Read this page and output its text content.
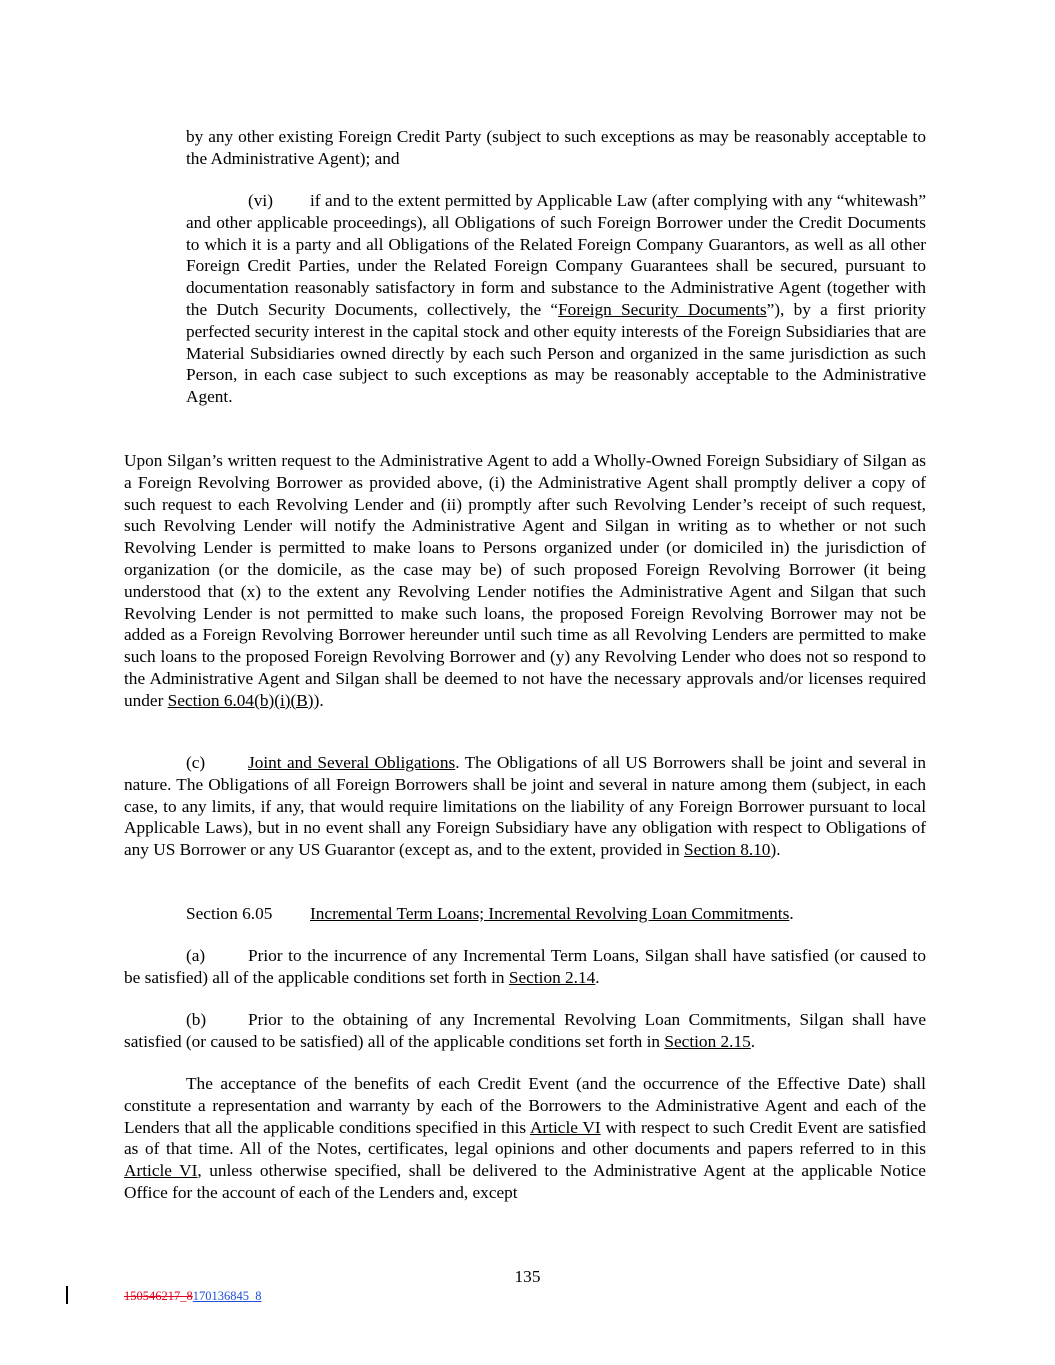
by any other existing Foreign Credit Party (subject to such exceptions as may be reasonably acceptable to the Administrative Agent); and

(vi) if and to the extent permitted by Applicable Law (after complying with any “whitewash” and other applicable proceedings), all Obligations of such Foreign Borrower under the Credit Documents to which it is a party and all Obligations of the Related Foreign Company Guarantors, as well as all other Foreign Credit Parties, under the Related Foreign Company Guarantees shall be secured, pursuant to documentation reasonably satisfactory in form and substance to the Administrative Agent (together with the Dutch Security Documents, collectively, the “Foreign Security Documents”), by a first priority perfected security interest in the capital stock and other equity interests of the Foreign Subsidiaries that are Material Subsidiaries owned directly by each such Person and organized in the same jurisdiction as such Person, in each case subject to such exceptions as may be reasonably acceptable to the Administrative Agent.

Upon Silgan’s written request to the Administrative Agent to add a Wholly-Owned Foreign Subsidiary of Silgan as a Foreign Revolving Borrower as provided above, (i) the Administrative Agent shall promptly deliver a copy of such request to each Revolving Lender and (ii) promptly after such Revolving Lender’s receipt of such request, such Revolving Lender will notify the Administrative Agent and Silgan in writing as to whether or not such Revolving Lender is permitted to make loans to Persons organized under (or domiciled in) the jurisdiction of organization (or the domicile, as the case may be) of such proposed Foreign Revolving Borrower (it being understood that (x) to the extent any Revolving Lender notifies the Administrative Agent and Silgan that such Revolving Lender is not permitted to make such loans, the proposed Foreign Revolving Borrower may not be added as a Foreign Revolving Borrower hereunder until such time as all Revolving Lenders are permitted to make such loans to the proposed Foreign Revolving Borrower and (y) any Revolving Lender who does not so respond to the Administrative Agent and Silgan shall be deemed to not have the necessary approvals and/or licenses required under Section 6.04(b)(i)(B)).

(c) Joint and Several Obligations. The Obligations of all US Borrowers shall be joint and several in nature. The Obligations of all Foreign Borrowers shall be joint and several in nature among them (subject, in each case, to any limits, if any, that would require limitations on the liability of any Foreign Borrower pursuant to local Applicable Laws), but in no event shall any Foreign Subsidiary have any obligation with respect to Obligations of any US Borrower or any US Guarantor (except as, and to the extent, provided in Section 8.10).

Section 6.05 Incremental Term Loans; Incremental Revolving Loan Commitments.

(a) Prior to the incurrence of any Incremental Term Loans, Silgan shall have satisfied (or caused to be satisfied) all of the applicable conditions set forth in Section 2.14.

(b) Prior to the obtaining of any Incremental Revolving Loan Commitments, Silgan shall have satisfied (or caused to be satisfied) all of the applicable conditions set forth in Section 2.15.

The acceptance of the benefits of each Credit Event (and the occurrence of the Effective Date) shall constitute a representation and warranty by each of the Borrowers to the Administrative Agent and each of the Lenders that all the applicable conditions specified in this Article VI with respect to such Credit Event are satisfied as of that time. All of the Notes, certificates, legal opinions and other documents and papers referred to in this Article VI, unless otherwise specified, shall be delivered to the Administrative Agent at the applicable Notice Office for the account of each of the Lenders and, except

135
150546217_8170136845_8
